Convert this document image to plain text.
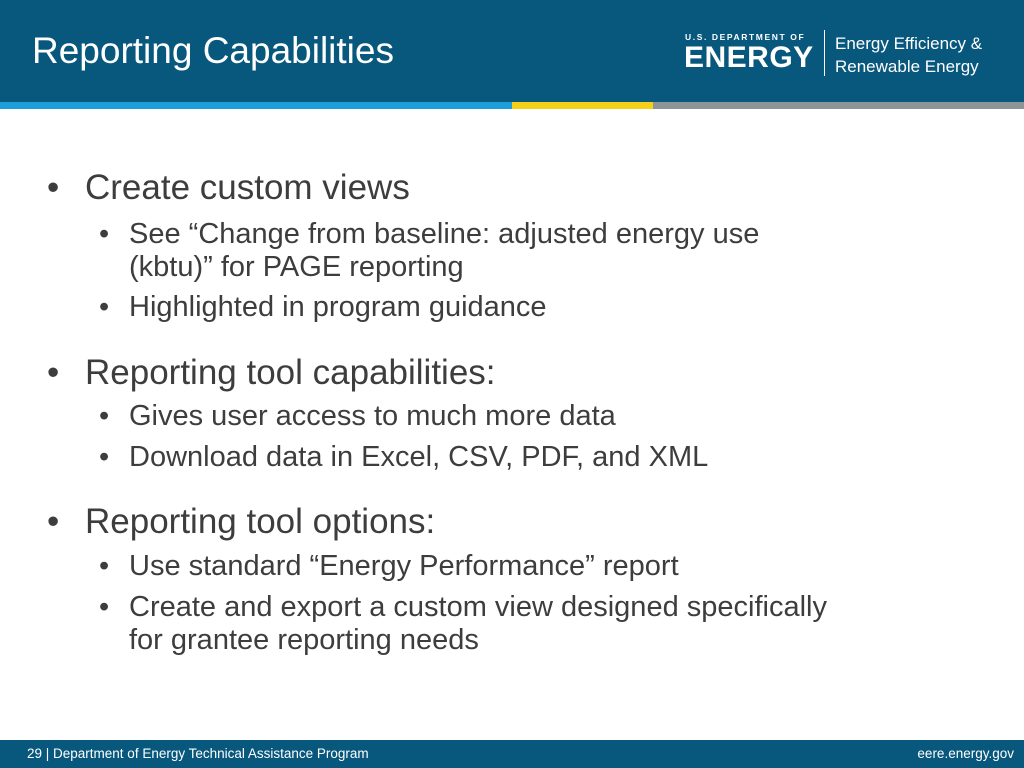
Reporting Capabilities	U.S. DEPARTMENT OF
ENERGY Energy Efficiency &
Renewable Energy
• Create custom views
• See “Change from baseline: adjusted energy use
(kbtu)” for PAGE reporting
• Highlighted in program guidance
• Reporting tool capabilities:
• Gives user access to much more data
• Download data in Excel, CSV, PDF, and XML
• Reporting tool options:
• Use standard “Energy Performance” report
• Create and export a custom view designed specifically
for grantee reporting needs
29 | Department of Energy Technical Assistance Program	eere.energy.gov
